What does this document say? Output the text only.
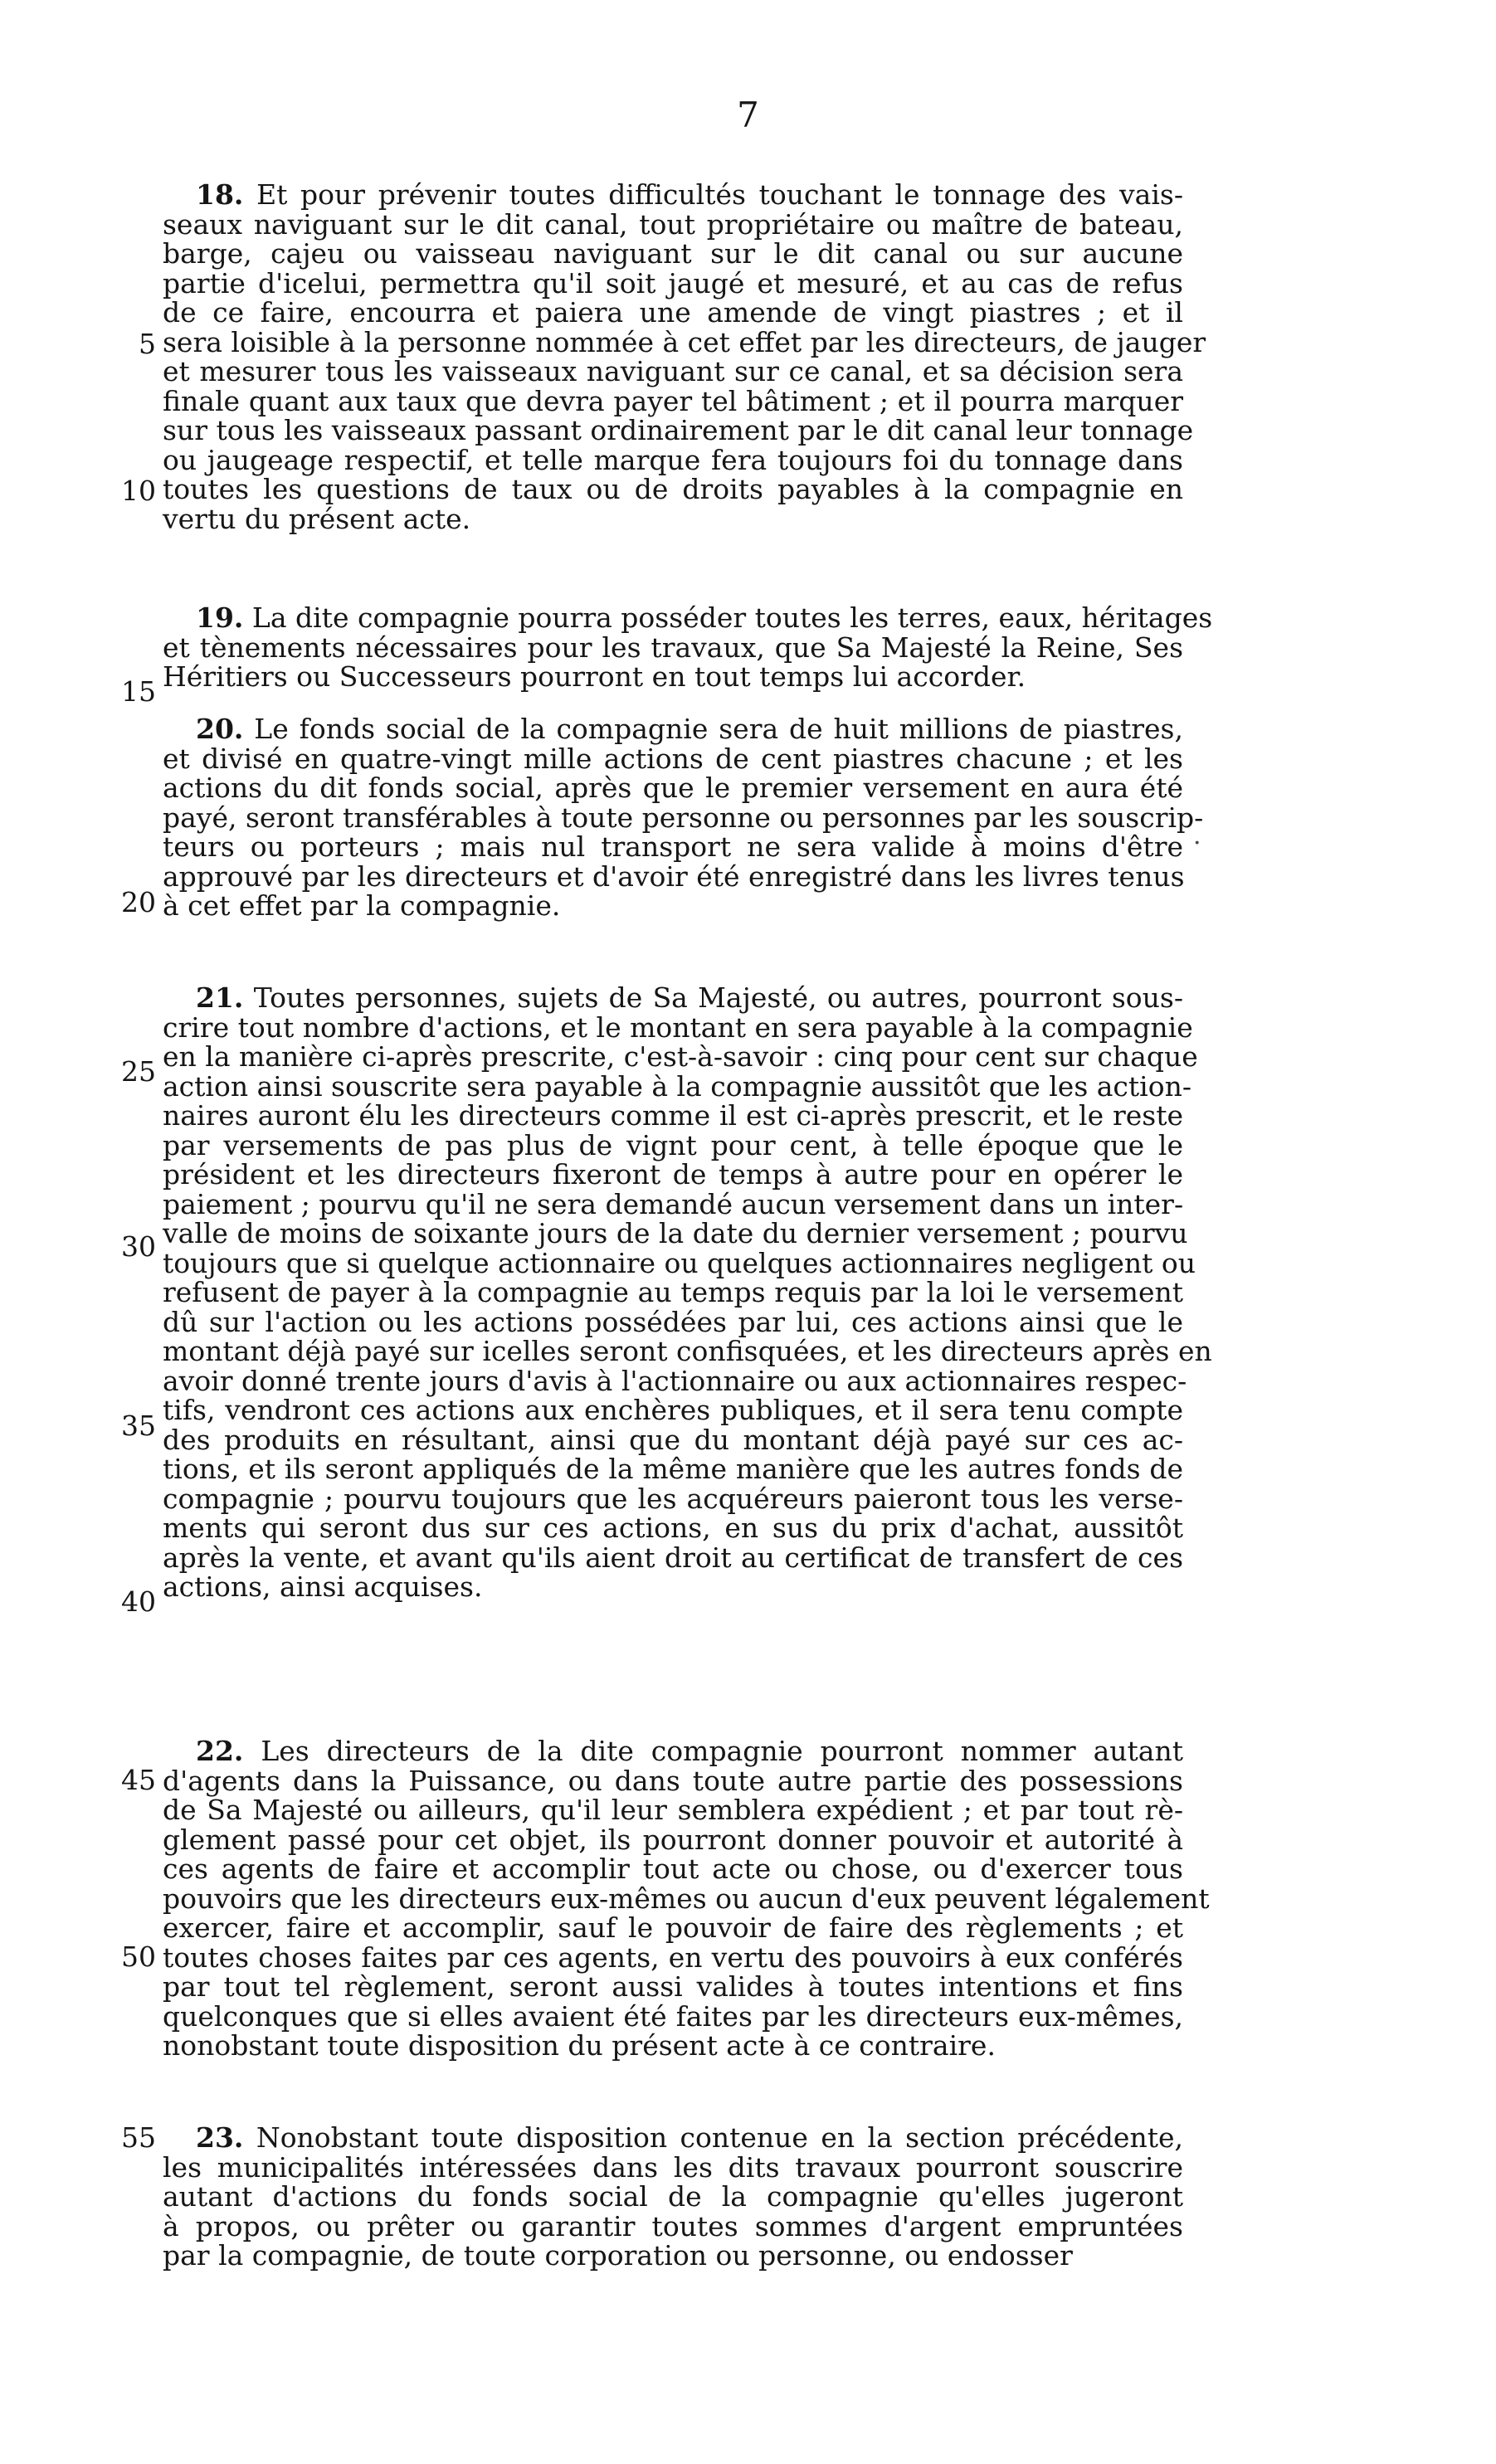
7
18. Et pour prévenir toutes difficultés touchant le tonnage des vais-
seaux naviguant sur le dit canal, tout propriétaire ou maître de bateau,
barge, cajeu ou vaisseau naviguant sur le dit canal ou sur aucune
partie d'icelui, permettra qu'il soit jaugé et mesuré, et au cas de refus
de ce faire, encourra et paiera une amende de vingt piastres ; et il
sera loisible à la personne nommée à cet effet par les directeurs, de jauger
et mesurer tous les vaisseaux naviguant sur ce canal, et sa décision sera
finale quant aux taux que devra payer tel bâtiment ; et il pourra marquer
sur tous les vaisseaux passant ordinairement par le dit canal leur tonnage
ou jaugeage respectif, et telle marque fera toujours foi du tonnage dans
toutes les questions de taux ou de droits payables à la compagnie en
vertu du présent acte.
19. La dite compagnie pourra posséder toutes les terres, eaux, héritages
et tènements nécessaires pour les travaux, que Sa Majesté la Reine, Ses
Héritiers ou Successeurs pourront en tout temps lui accorder.
20. Le fonds social de la compagnie sera de huit millions de piastres,
et divisé en quatre-vingt mille actions de cent piastres chacune ; et les
actions du dit fonds social, après que le premier versement en aura été
payé, seront transférables à toute personne ou personnes par les souscrip-
teurs ou porteurs ; mais nul transport ne sera valide à moins d'être
approuvé par les directeurs et d'avoir été enregistré dans les livres tenus
à cet effet par la compagnie.
21. Toutes personnes, sujets de Sa Majesté, ou autres, pourront sous-
crire tout nombre d'actions, et le montant en sera payable à la compagnie
en la manière ci-après prescrite, c'est-à-savoir : cinq pour cent sur chaque
action ainsi souscrite sera payable à la compagnie aussitôt que les action-
naires auront élu les directeurs comme il est ci-après prescrit, et le reste
par versements de pas plus de vignt pour cent, à telle époque que le
président et les directeurs fixeront de temps à autre pour en opérer le
paiement ; pourvu qu'il ne sera demandé aucun versement dans un inter-
valle de moins de soixante jours de la date du dernier versement ; pourvu
toujours que si quelque actionnaire ou quelques actionnaires negligent ou
refusent de payer à la compagnie au temps requis par la loi le versement
dû sur l'action ou les actions possédées par lui, ces actions ainsi que le
montant déjà payé sur icelles seront confisquées, et les directeurs après en
avoir donné trente jours d'avis à l'actionnaire ou aux actionnaires respec-
tifs, vendront ces actions aux enchères publiques, et il sera tenu compte
des produits en résultant, ainsi que du montant déjà payé sur ces ac-
tions, et ils seront appliqués de la même manière que les autres fonds de
compagnie ; pourvu toujours que les acquéreurs paieront tous les verse-
ments qui seront dus sur ces actions, en sus du prix d'achat, aussitôt
après la vente, et avant qu'ils aient droit au certificat de transfert de ces
actions, ainsi acquises.
22. Les directeurs de la dite compagnie pourront nommer autant
d'agents dans la Puissance, ou dans toute autre partie des possessions
de Sa Majesté ou ailleurs, qu'il leur semblera expédient ; et par tout rè-
glement passé pour cet objet, ils pourront donner pouvoir et autorité à
ces agents de faire et accomplir tout acte ou chose, ou d'exercer tous
pouvoirs que les directeurs eux-mêmes ou aucun d'eux peuvent légalement
exercer, faire et accomplir, sauf le pouvoir de faire des règlements ; et
toutes choses faites par ces agents, en vertu des pouvoirs à eux conférés
par tout tel règlement, seront aussi valides à toutes intentions et fins
quelconques que si elles avaient été faites par les directeurs eux-mêmes,
nonobstant toute disposition du présent acte à ce contraire.
23. Nonobstant toute disposition contenue en la section précédente,
les municipalités intéressées dans les dits travaux pourront souscrire
autant d'actions du fonds social de la compagnie qu'elles jugeront
à propos, ou prêter ou garantir toutes sommes d'argent empruntées
par la compagnie, de toute corporation ou personne, ou endosser
5
10
15
20
25
30
35
40
45
50
55
·
